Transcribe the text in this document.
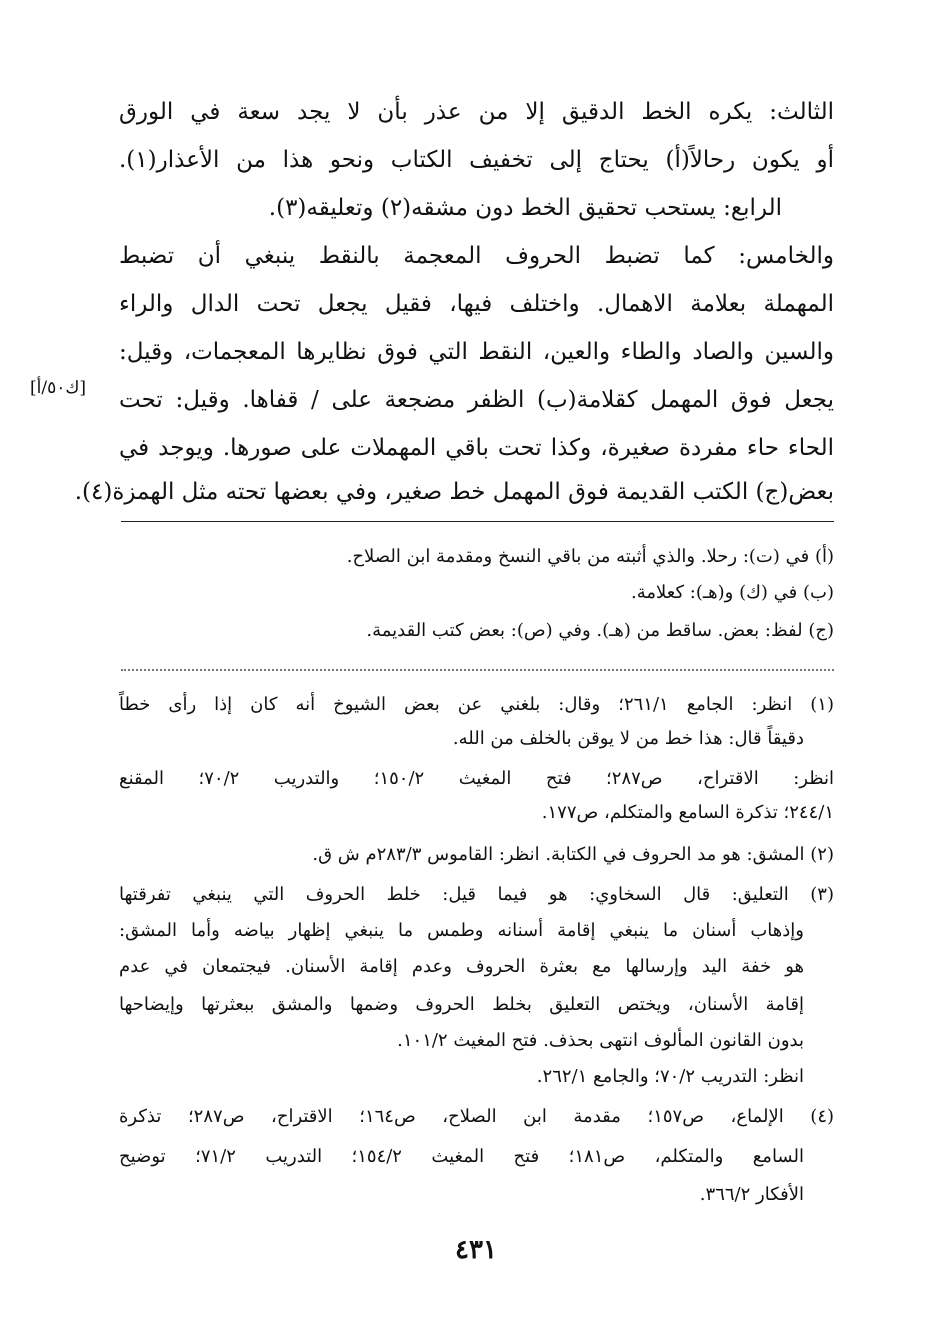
الثالث: يكره الخط الدقيق إلا من عذر بأن لا يجد سعة في الورق
أو يكون رحالاً(أ) يحتاج إلى تخفيف الكتاب ونحو هذا من الأعذار(١).
الرابع: يستحب تحقيق الخط دون مشقه(٢) وتعليقه(٣).
والخامس: كما تضبط الحروف المعجمة بالنقط ينبغي أن تضبط
المهملة بعلامة الاهمال. واختلف فيها، فقيل يجعل تحت الدال والراء
والسين والصاد والطاء والعين، النقط التي فوق نظايرها المعجمات، وقيل:
يجعل فوق المهمل كقلامة(ب) الظفر مضجعة على / قفاها. وقيل: تحت
الحاء حاء مفردة صغيرة، وكذا تحت باقي المهملات على صورها. ويوجد في
بعض(ج) الكتب القديمة فوق المهمل خط صغير، وفي بعضها تحته مثل الهمزة(٤).
[ك٥٠/أ]
(أ) في (ت): رحلا. والذي أثبته من باقي النسخ ومقدمة ابن الصلاح.
(ب) في (ك) و(هـ): كعلامة.
(ج) لفظ: بعض. ساقط من (هـ). وفي (ص): بعض كتب القديمة.
(١) انظر: الجامع ٢٦١/١؛ وقال: بلغني عن بعض الشيوخ أنه كان إذا رأى خطاً
دقيقاً قال: هذا خط من لا يوقن بالخلف من الله.
انظر: الاقتراح، ص٢٨٧؛ فتح المغيث ١٥٠/٢؛ والتدريب ٧٠/٢؛ المقنع
٢٤٤/١؛ تذكرة السامع والمتكلم، ص١٧٧.
(٢) المشق: هو مد الحروف في الكتابة. انظر: القاموس ٢٨٣/٣م ش ق.
(٣) التعليق: قال السخاوي: هو فيما قيل: خلط الحروف التي ينبغي تفرقتها
وإذهاب أسنان ما ينبغي إقامة أسنانه وطمس ما ينبغي إظهار بياضه وأما المشق:
هو خفة اليد وإرسالها مع بعثرة الحروف وعدم إقامة الأسنان. فيجتمعان في عدم
إقامة الأسنان، ويختص التعليق بخلط الحروف وضمها والمشق ببعثرتها وإيضاحها
بدون القانون المألوف انتهى بحذف. فتح المغيث ١٠١/٢.
انظر: التدريب ٧٠/٢؛ والجامع ٢٦٢/١.
(٤) الإلماع، ص١٥٧؛ مقدمة ابن الصلاح، ص١٦٤؛ الاقتراح، ص٢٨٧؛ تذكرة
السامع والمتكلم، ص١٨١؛ فتح المغيث ١٥٤/٢؛ التدريب ٧١/٢؛ توضيح
الأفكار ٣٦٦/٢.
٤٣١
